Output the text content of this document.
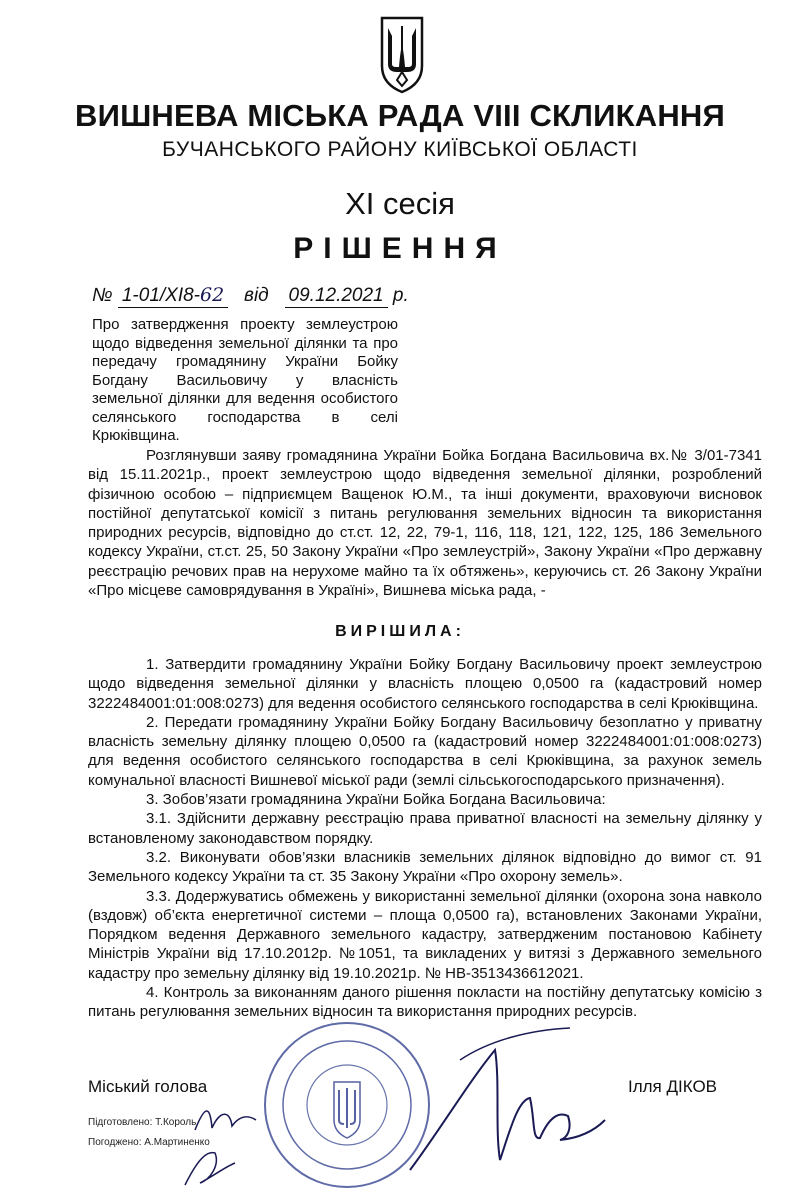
ВИШНЕВА МІСЬКА РАДА VIII СКЛИКАННЯ
БУЧАНСЬКОГО РАЙОНУ КИЇВСЬКОЇ ОБЛАСТІ
ХІ сесія
РІШЕННЯ
№ 1-01/ХІ8-62 від 09.12.2021 р.
Про затвердження проекту землеустрою щодо відведення земельної ділянки та про передачу громадянину України Бойку Богдану Васильовичу у власність земельної ділянки для ведення особистого селянського господарства в селі Крюківщина.

Розглянувши заяву громадянина України Бойка Богдана Васильовича вх.№ 3/01-7341 від 15.11.2021р., проект землеустрою щодо відведення земельної ділянки, розроблений фізичною особою – підприємцем Ващенок Ю.М., та інші документи, враховуючи висновок постійної депутатської комісії з питань регулювання земельних відносин та використання природних ресурсів, відповідно до ст.ст. 12, 22, 79-1, 116, 118, 121, 122, 125, 186 Земельного кодексу України, ст.ст. 25, 50 Закону України «Про землеустрій», Закону України «Про державну реєстрацію речових прав на нерухоме майно та їх обтяжень», керуючись ст. 26 Закону України «Про місцеве самоврядування в Україні», Вишнева міська рада, -

ВИРІШИЛА:

1. Затвердити громадянину України Бойку Богдану Васильовичу проект землеустрою щодо відведення земельної ділянки у власність площею 0,0500 га (кадастровий номер 3222484001:01:008:0273) для ведення особистого селянського господарства в селі Крюківщина.

2. Передати громадянину України Бойку Богдану Васильовичу безоплатно у приватну власність земельну ділянку площею 0,0500 га (кадастровий номер 3222484001:01:008:0273) для ведення особистого селянського господарства в селі Крюківщина, за рахунок земель комунальної власності Вишневої міської ради (землі сільськогосподарського призначення).

3. Зобов’язати громадянина України Бойка Богдана Васильовича:

3.1. Здійснити державну реєстрацію права приватної власності на земельну ділянку у встановленому законодавством порядку.

3.2. Виконувати обов’язки власників земельних ділянок відповідно до вимог ст. 91 Земельного кодексу України та ст. 35 Закону України «Про охорону земель».

3.3. Додержуватись обмежень у використанні земельної ділянки (охорона зона навколо (вздовж) об’єкта енергетичної системи – площа 0,0500 га), встановлених Законами України, Порядком ведення Державного земельного кадастру, затвердженим постановою Кабінету Міністрів України від 17.10.2012р. №1051, та викладених у витязі з Державного земельного кадастру про земельну ділянку від 19.10.2021р. № НВ-3513436612021.

4. Контроль за виконанням даного рішення покласти на постійну депутатську комісію з питань регулювання земельних відносин та використання природних ресурсів.

Міський голова	Ілля ДІКОВ
Підготовлено: Т.Король
Погоджено: А.Мартиненко
